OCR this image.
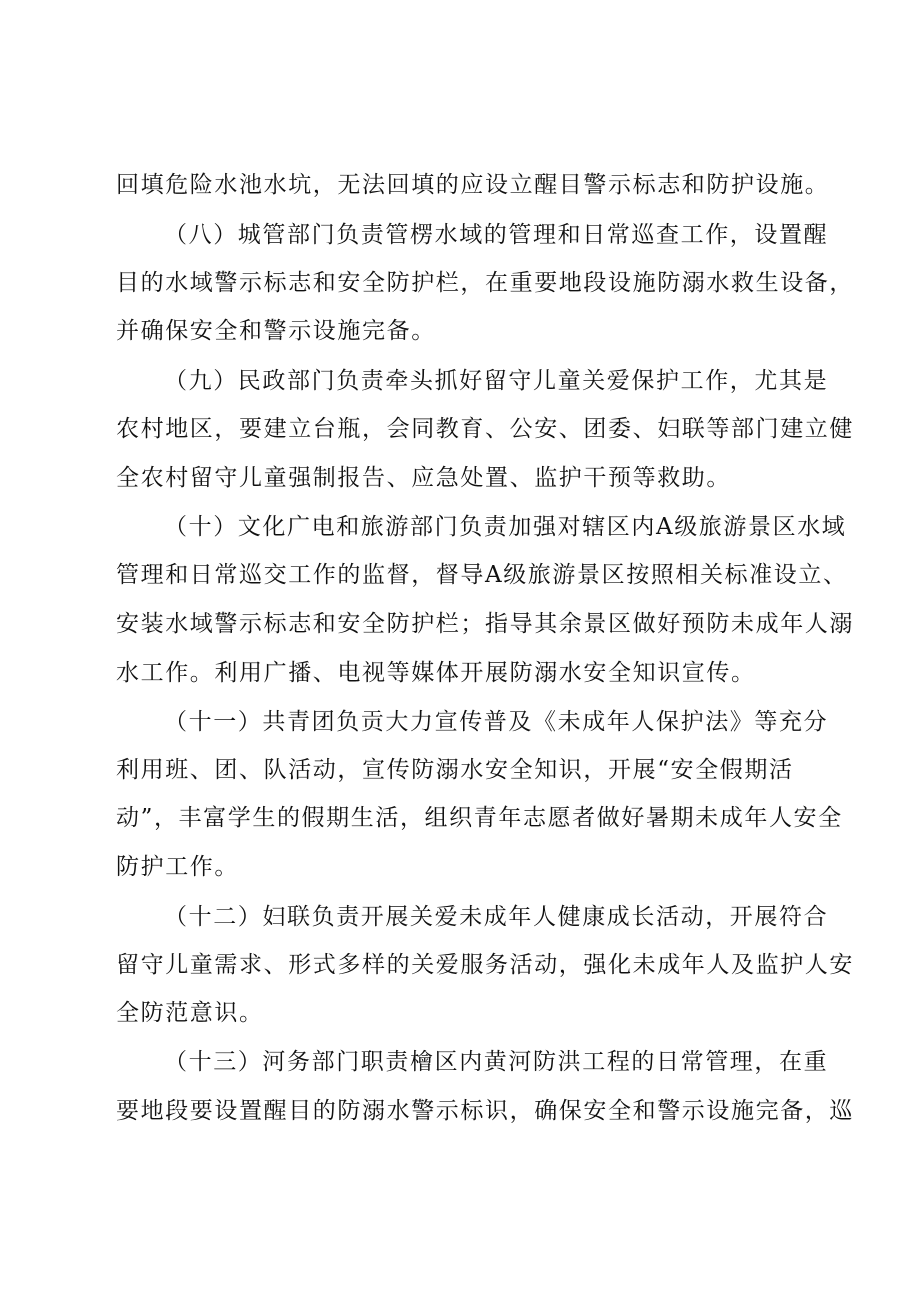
回填危险水池水坑，无法回填的应设立醒目警示标志和防护设施。
（八）城管部门负责管楞水域的管理和日常巡查工作，设置醒
目的水域警示标志和安全防护栏，在重要地段设施防溺水救生设备，
并确保安全和警示设施完备。
（九）民政部门负责牵头抓好留守儿童关爱保护工作，尤其是
农村地区，要建立台瓶，会同教育、公安、团委、妇联等部门建立健
全农村留守儿童强制报告、应急处置、监护干预等救助。
（十）文化广电和旅游部门负责加强对辖区内A级旅游景区水域
管理和日常巡交工作的监督，督导A级旅游景区按照相关标准设立、
安装水域警示标志和安全防护栏；指导其余景区做好预防未成年人溺
水工作。利用广播、电视等媒体开展防溺水安全知识宣传。
（十一）共青团负贡大力宣传普及《未成年人保护法》等充分
利用班、团、队活动，宣传防溺水安全知识，开展“安全假期活
动”，丰富学生的假期生活，组织青年志愿者做好暑期未成年人安全
防护工作。
（十二）妇联负责开展关爱未成年人健康成长活动，开展符合
留守儿童需求、形式多样的关爱服务活动，强化未成年人及监护人安
全防范意识。
（十三）河务部门职责檜区内黄河防洪工程的日常管理，在重
要地段要设置醒目的防溺水警示标识，确保安全和警示设施完备，巡
